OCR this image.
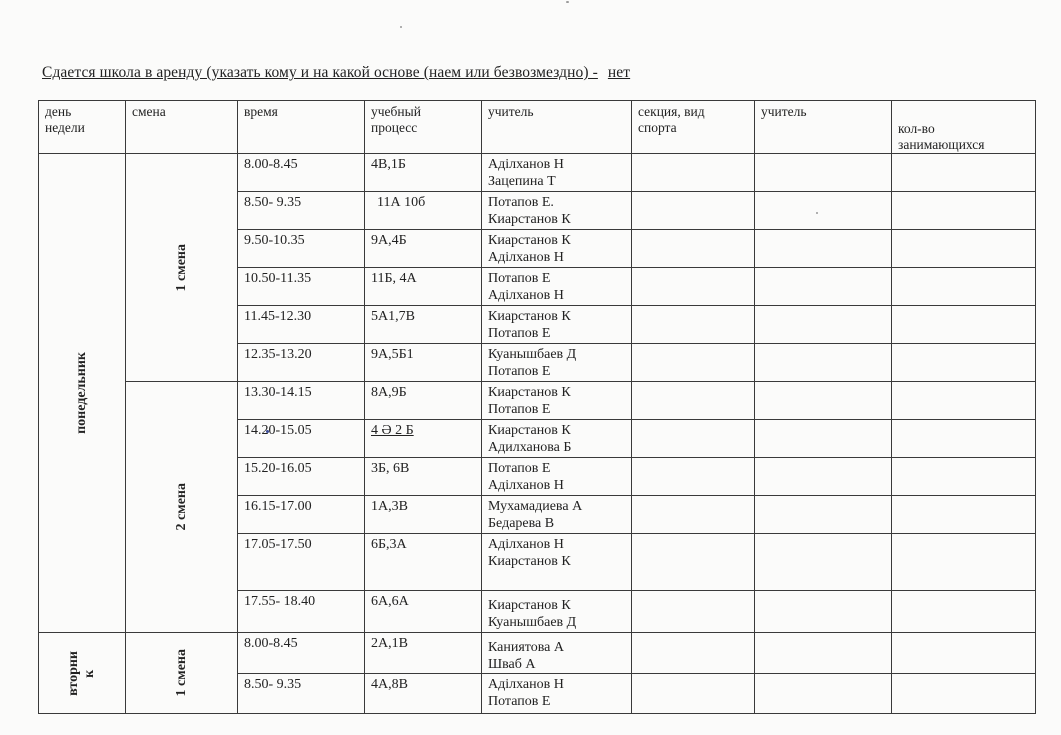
Сдается школа в аренду (указать кому и на какой основе (наем или безвозмездно) - нет
день
недели	смена	время	учебный
процесс	учитель	секция, вид
спорта	учитель	кол-во
занимающихся

понедельник	1 смена	8.00-8.45	4В,1Б	Аділханов Н
Зацепина Т			

		8.50- 9.35	11А 10б	Потапов Е.
Киарстанов К			

		9.50-10.35	9А,4Б	Киарстанов К
Аділханов Н			

		10.50-11.35	11Б, 4А	Потапов Е
Аділханов Н			

		11.45-12.30	5А1,7В	Киарстанов К
Потапов Е			

		12.35-13.20	9А,5Б1	Куанышбаев Д
Потапов Е			

	2 смена	13.30-14.15	8А,9Б	Киарстанов К
Потапов Е			

		14.20-15.05	4 Ә 2 Б	Киарстанов К
Адилханова Б			

		15.20-16.05	3Б, 6В	Потапов Е
Аділханов Н			

		16.15-17.00	1А,3В	Мухамадиева А
Бедарева В			

		17.05-17.50	6Б,3А	Аділханов Н
Киарстанов К			

		17.55- 18.40	6А,6А	Киарстанов К
Куанышбаев Д			

вторни к	1 смена	8.00-8.45	2А,1В	Каниятова А
Шваб А			

		8.50- 9.35	4А,8В	Аділханов Н
Потапов Е			
